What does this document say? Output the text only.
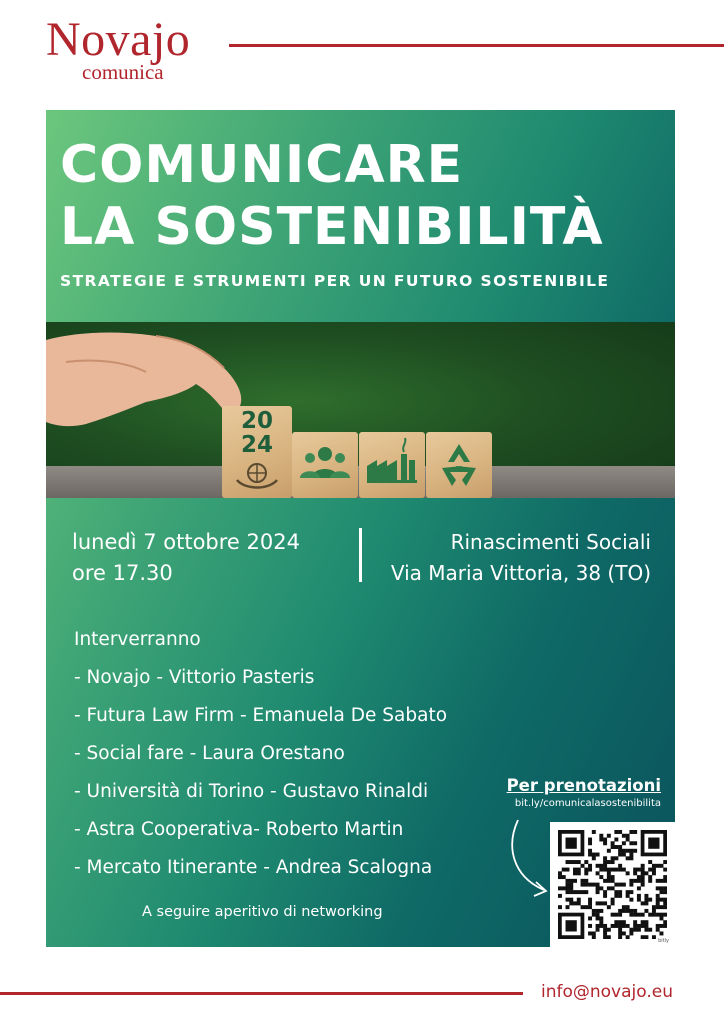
Novajo
comunica
COMUNICARE
LA SOSTENIBILITÀ
STRATEGIE E STRUMENTI PER UN FUTURO SOSTENIBILE
20
24
lunedì 7 ottobre 2024
ore 17.30
Rinascimenti Sociali
Via Maria Vittoria, 38 (TO)
Interverranno
- Novajo - Vittorio Pasteris
- Futura Law Firm - Emanuela De Sabato
- Social fare - Laura Orestano
- Università di Torino - Gustavo Rinaldi
- Astra Cooperativa- Roberto Martin
- Mercato Itinerante - Andrea Scalogna
A seguire aperitivo di networking
Per prenotazioni
bit.ly/comunicalasostenibilita
bitly
info@novajo.eu
